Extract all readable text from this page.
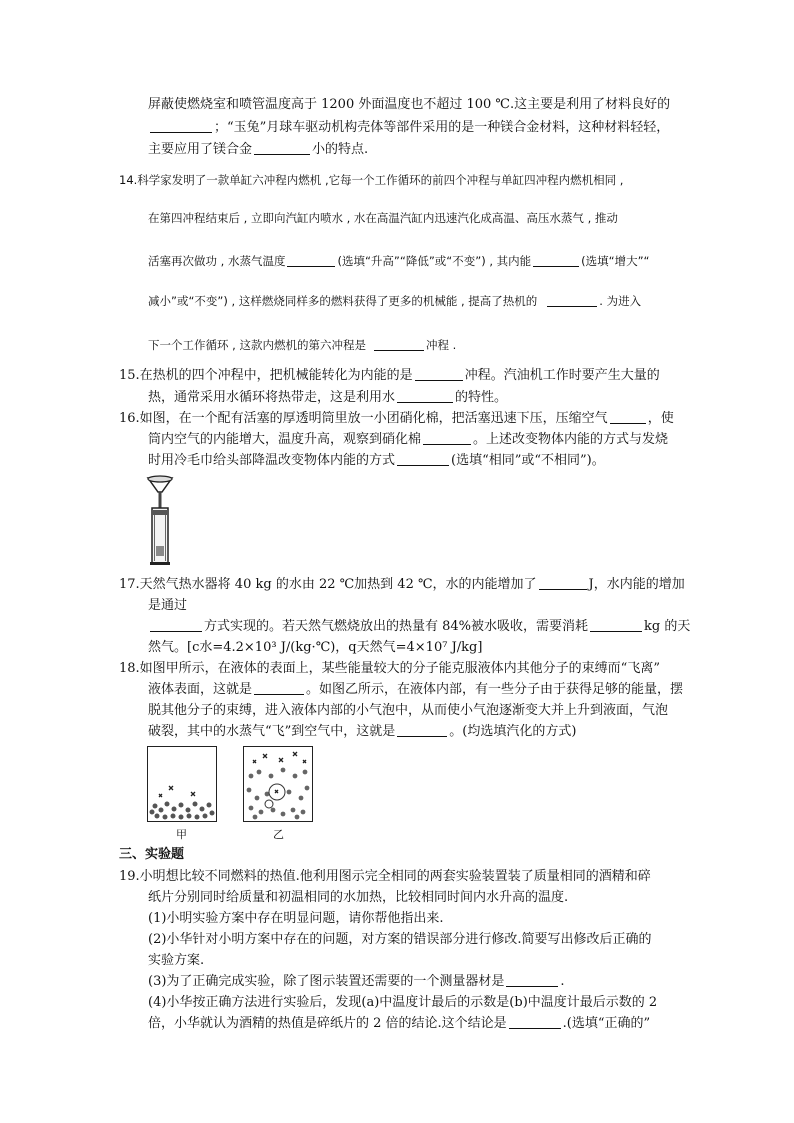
屏蔽使燃烧室和喷管温度高于 1200 外面温度也不超过 100 ℃.这主要是利用了材料良好的
；“玉兔”月球车驱动机构壳体等部件采用的是一种镁合金材料，这种材料轻轻，
主要应用了镁合金	小的特点.
14.科学家发明了一款单缸六冲程内燃机 ,它每一个工作循环的前四个冲程与单缸四冲程内燃机相同 ,
在第四冲程结束后 , 立即向汽缸内喷水 , 水在高温汽缸内迅速汽化成高温、高压水蒸气 , 推动
活塞再次做功 , 水蒸气温度	(选填“升高”“降低”或“不变”) , 其内能	(选填“增大”“
减小”或“不变”) , 这样燃烧同样多的燃料获得了更多的机械能 , 提高了热机的	. 为进入
下一个工作循环 , 这款内燃机的第六冲程是	冲程 .
15.在热机的四个冲程中，把机械能转化为内能的是	冲程。汽油机工作时要产生大量的
热，通常采用水循环将热带走，这是利用水	的特性。
16.如图，在一个配有活塞的厚透明筒里放一小团硝化棉，把活塞迅速下压，压缩空气	，使
筒内空气的内能增大，温度升高，观察到硝化棉	。上述改变物体内能的方式与发烧
时用冷毛巾给头部降温改变物体内能的方式	(选填“相同”或“不相同”)。
17.天然气热水器将 40 kg 的水由 22 ℃加热到 42 ℃，水的内能增加了	J，水内能的增加
是通过
方式实现的。若天然气燃烧放出的热量有 84%被水吸收，需要消耗	kg 的天
然气。[c水=4.2×10³ J/(kg·℃)，q天然气=4×10⁷ J/kg]
18.如图甲所示，在液体的表面上，某些能量较大的分子能克服液体内其他分子的束缚而“飞离”
液体表面，这就是	。如图乙所示，在液体内部，有一些分子由于获得足够的能量，摆
脱其他分子的束缚，进入液体内部的小气泡中，从而使小气泡逐渐变大并上升到液面，气泡
破裂，其中的水蒸气“飞”到空气中，这就是	。(均选填汽化的方式)
甲	乙
三、实验题
19.小明想比较不同燃料的热值.他利用图示完全相同的两套实验装置装了质量相同的酒精和碎
纸片分别同时给质量和初温相同的水加热，比较相同时间内水升高的温度.
(1)小明实验方案中存在明显问题，请你帮他指出来.
(2)小华针对小明方案中存在的问题，对方案的错误部分进行修改.简要写出修改后正确的
实验方案.
(3)为了正确完成实验，除了图示装置还需要的一个测量器材是	.
(4)小华按正确方法进行实验后，发现(a)中温度计最后的示数是(b)中温度计最后示数的 2
倍，小华就认为酒精的热值是碎纸片的 2 倍的结论.这个结论是	.(选填“正确的”
